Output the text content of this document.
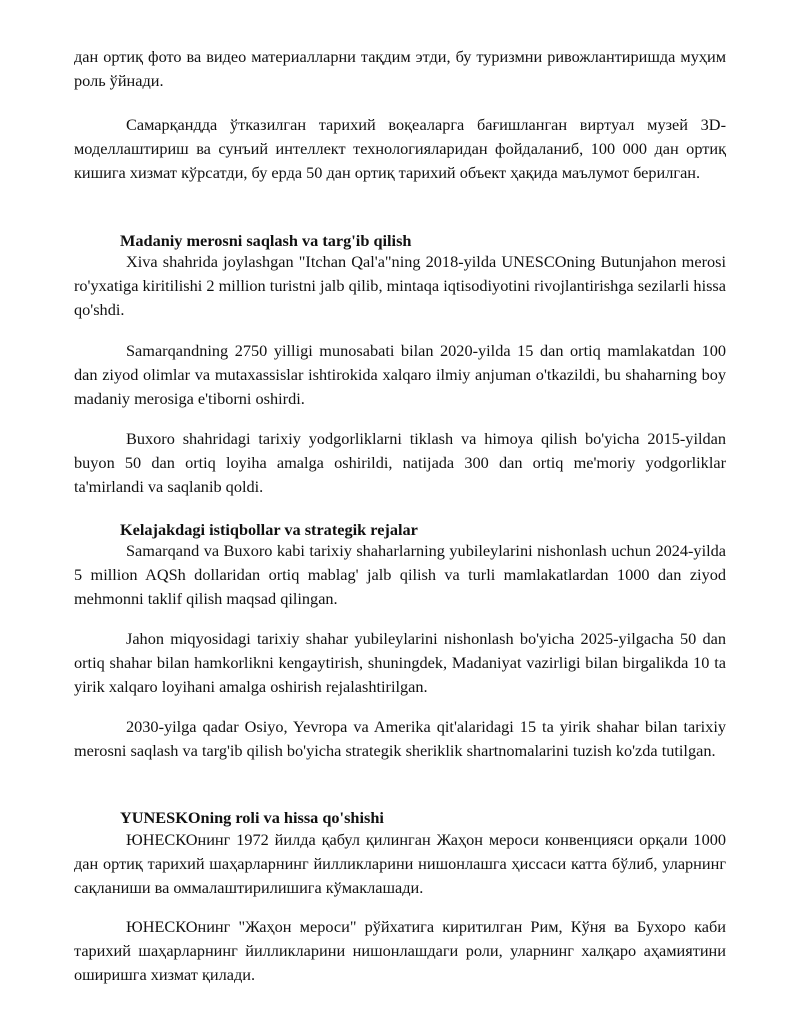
дан ортиқ фото ва видео материалларни тақдим этди, бу туризмни ривожлантиришда муҳим роль ўйнади.

Самарқандда ўтказилган тарихий воқеаларга бағишланган виртуал музей 3D-моделлаштириш ва сунъий интеллект технологияларидан фойдаланиб, 100 000 дан ортиқ кишига хизмат кўрсатди, бу ерда 50 дан ортиқ тарихий объект ҳақида маълумот берилган.

Madaniy merosni saqlash va targ'ib qilish

Xiva shahrida joylashgan "Itchan Qal'a"ning 2018-yilda UNESCOning Butunjahon merosi ro'yxatiga kiritilishi 2 million turistni jalb qilib, mintaqa iqtisodiyotini rivojlantirishga sezilarli hissa qo'shdi.

Samarqandning 2750 yilligi munosabati bilan 2020-yilda 15 dan ortiq mamlakatdan 100 dan ziyod olimlar va mutaxassislar ishtirokida xalqaro ilmiy anjuman o'tkazildi, bu shaharning boy madaniy merosiga e'tiborni oshirdi.

Buxoro shahridagi tarixiy yodgorliklarni tiklash va himoya qilish bo'yicha 2015-yildan buyon 50 dan ortiq loyiha amalga oshirildi, natijada 300 dan ortiq me'moriy yodgorliklar ta'mirlandi va saqlanib qoldi.

Kelajakdagi istiqbollar va strategik rejalar

Samarqand va Buxoro kabi tarixiy shaharlarning yubileylarini nishonlash uchun 2024-yilda 5 million AQSh dollaridan ortiq mablag' jalb qilish va turli mamlakatlardan 1000 dan ziyod mehmonni taklif qilish maqsad qilingan.

Jahon miqyosidagi tarixiy shahar yubileylarini nishonlash bo'yicha 2025-yilgacha 50 dan ortiq shahar bilan hamkorlikni kengaytirish, shuningdek, Madaniyat vazirligi bilan birgalikda 10 ta yirik xalqaro loyihani amalga oshirish rejalashtirilgan.

2030-yilga qadar Osiyo, Yevropa va Amerika qit'alaridagi 15 ta yirik shahar bilan tarixiy merosni saqlash va targ'ib qilish bo'yicha strategik sheriklik shartnomalarini tuzish ko'zda tutilgan.

YUNESKOning roli va hissa qo'shishi

ЮНЕСКОнинг 1972 йилда қабул қилинган Жаҳон мероси конвенцияси орқали 1000 дан ортиқ тарихий шаҳарларнинг йилликларини нишонлашга ҳиссаси катта бўлиб, уларнинг сақланиши ва оммалаштирилишига кўмаклашади.

ЮНЕСКОнинг "Жаҳон мероси" рўйхатига киритилган Рим, Кўня ва Бухоро каби тарихий шаҳарларнинг йилликларини нишонлашдаги роли, уларнинг халқаро аҳамиятини оширишга хизмат қилади.
